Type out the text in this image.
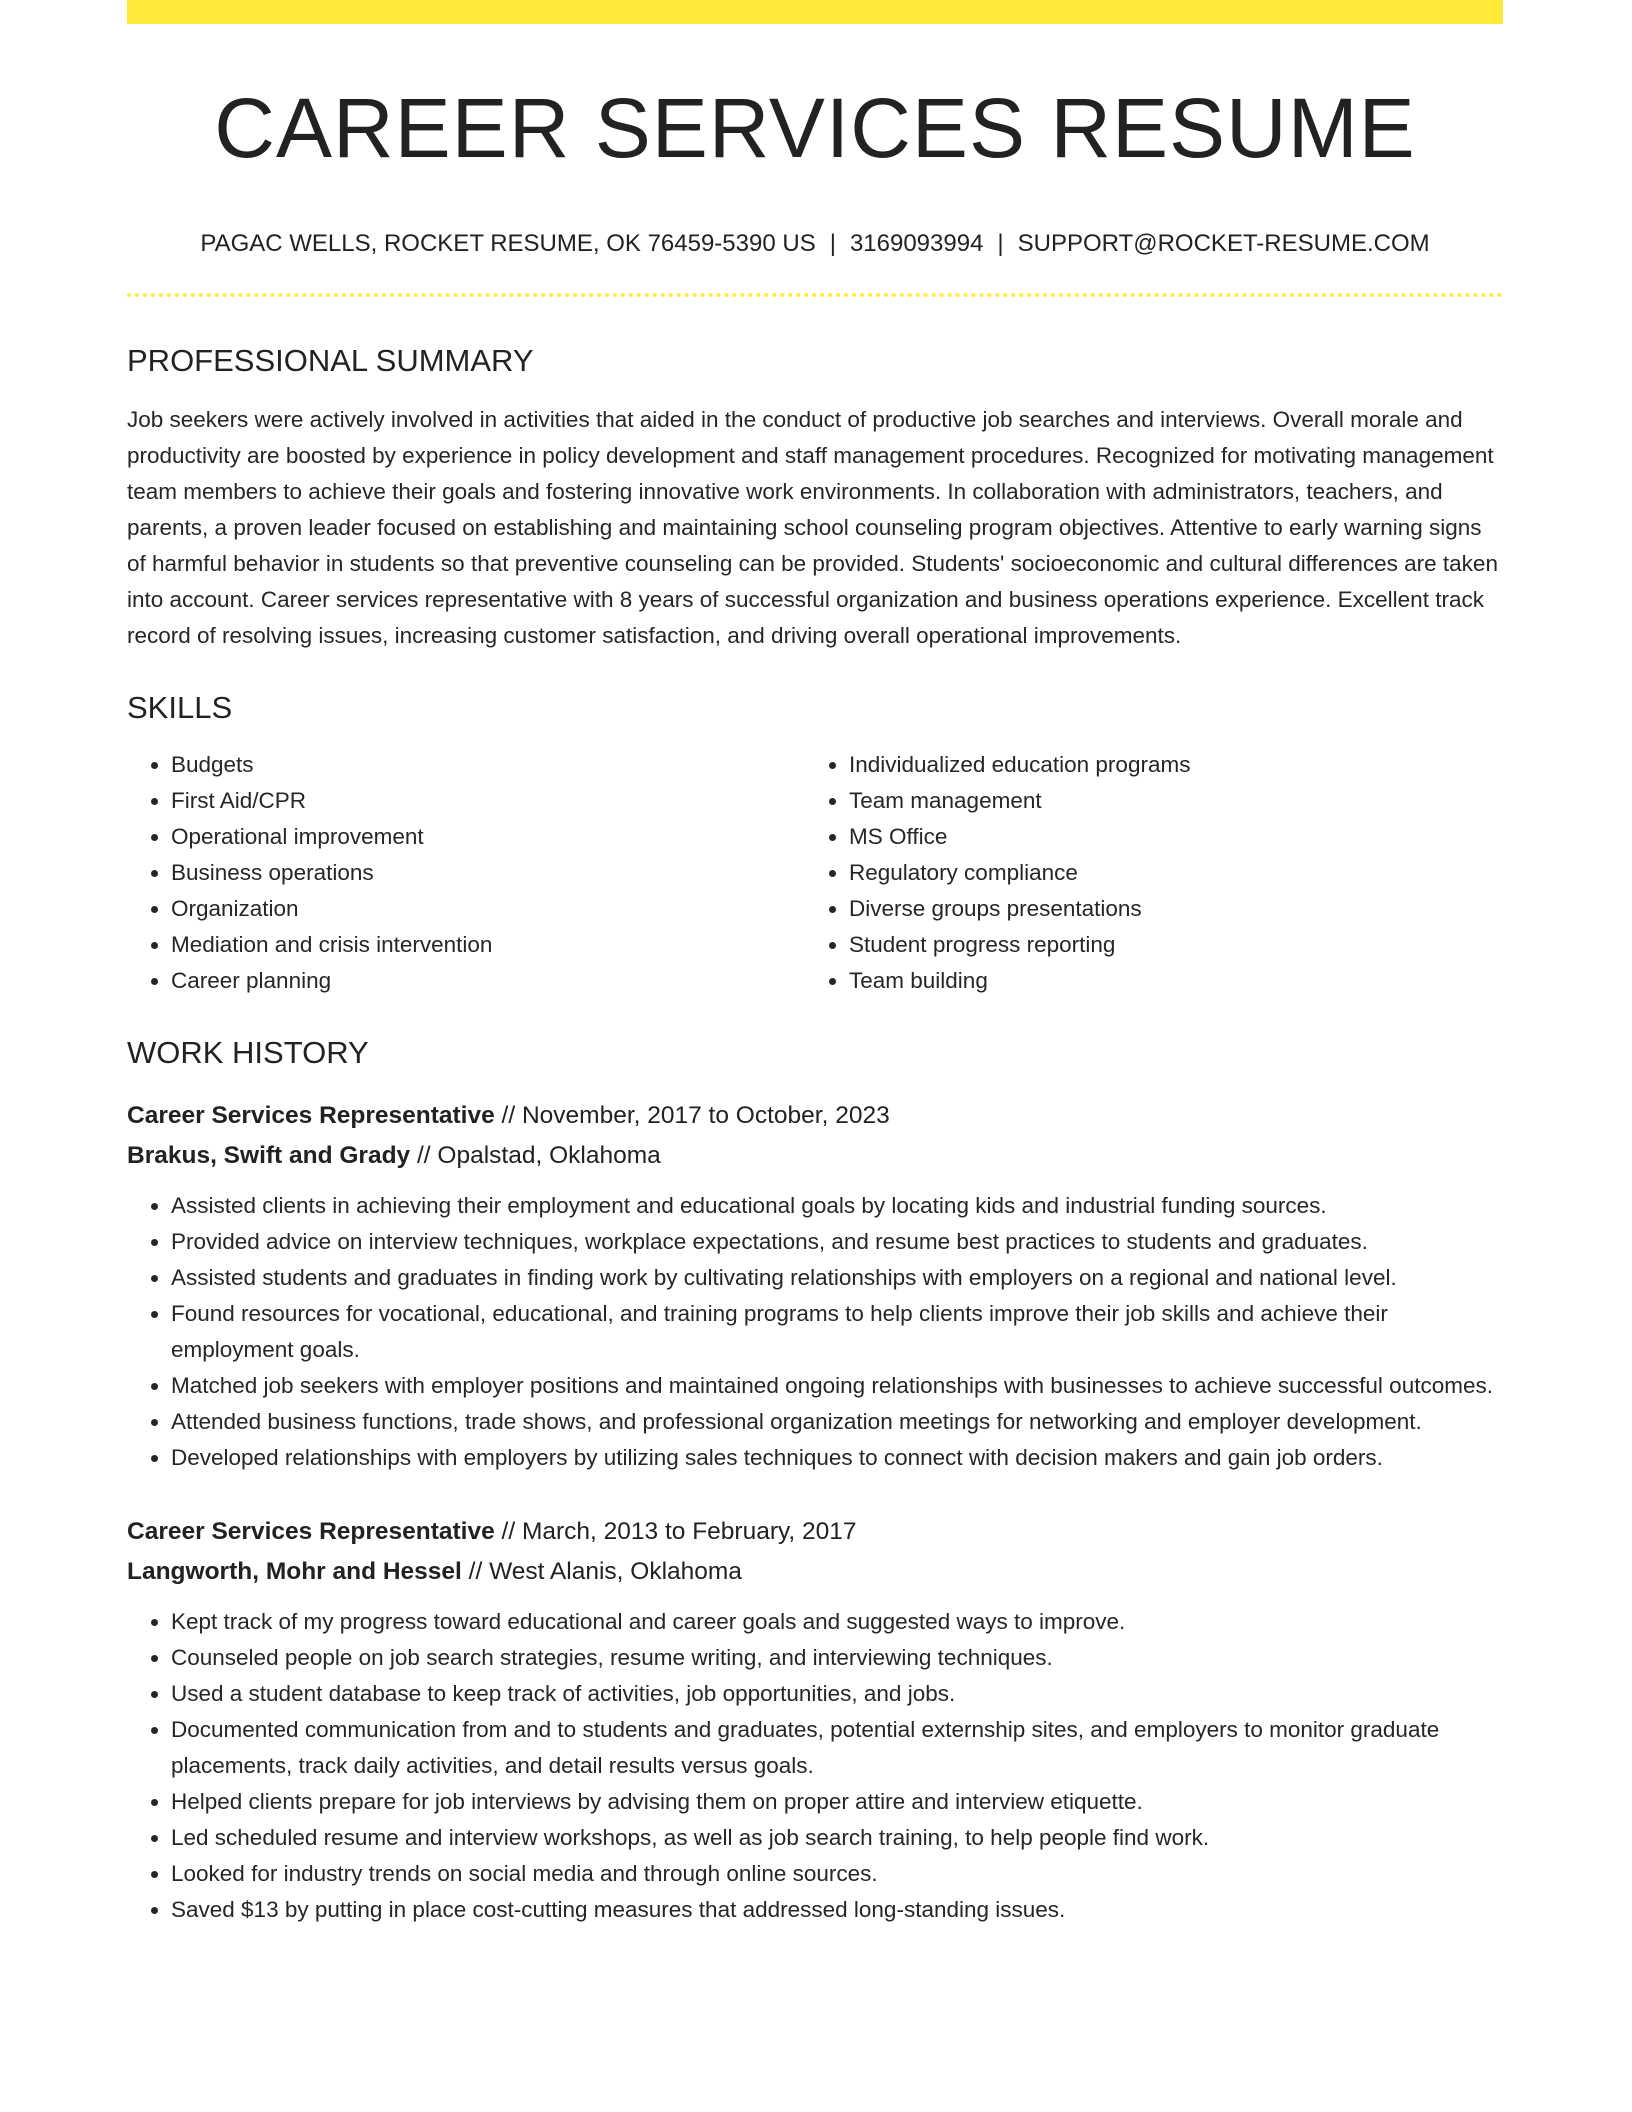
CAREER SERVICES RESUME
PAGAC WELLS, ROCKET RESUME, OK 76459-5390 US | 3169093994 | SUPPORT@ROCKET-RESUME.COM
PROFESSIONAL SUMMARY

Job seekers were actively involved in activities that aided in the conduct of productive job searches and interviews. Overall morale and productivity are boosted by experience in policy development and staff management procedures. Recognized for motivating management team members to achieve their goals and fostering innovative work environments. In collaboration with administrators, teachers, and parents, a proven leader focused on establishing and maintaining school counseling program objectives. Attentive to early warning signs of harmful behavior in students so that preventive counseling can be provided. Students' socioeconomic and cultural differences are taken into account. Career services representative with 8 years of successful organization and business operations experience. Excellent track record of resolving issues, increasing customer satisfaction, and driving overall operational improvements.

SKILLS
• Budgets
• First Aid/CPR
• Operational improvement
• Business operations
• Organization
• Mediation and crisis intervention
• Career planning
• Individualized education programs
• Team management
• MS Office
• Regulatory compliance
• Diverse groups presentations
• Student progress reporting
• Team building
WORK HISTORY
Career Services Representative // November, 2017 to October, 2023
Brakus, Swift and Grady // Opalstad, Oklahoma
• Assisted clients in achieving their employment and educational goals by locating kids and industrial funding sources.
• Provided advice on interview techniques, workplace expectations, and resume best practices to students and graduates.
• Assisted students and graduates in finding work by cultivating relationships with employers on a regional and national level.
• Found resources for vocational, educational, and training programs to help clients improve their job skills and achieve their employment goals.
• Matched job seekers with employer positions and maintained ongoing relationships with businesses to achieve successful outcomes.
• Attended business functions, trade shows, and professional organization meetings for networking and employer development.
• Developed relationships with employers by utilizing sales techniques to connect with decision makers and gain job orders.
Career Services Representative // March, 2013 to February, 2017
Langworth, Mohr and Hessel // West Alanis, Oklahoma
• Kept track of my progress toward educational and career goals and suggested ways to improve.
• Counseled people on job search strategies, resume writing, and interviewing techniques.
• Used a student database to keep track of activities, job opportunities, and jobs.
• Documented communication from and to students and graduates, potential externship sites, and employers to monitor graduate placements, track daily activities, and detail results versus goals.
• Helped clients prepare for job interviews by advising them on proper attire and interview etiquette.
• Led scheduled resume and interview workshops, as well as job search training, to help people find work.
• Looked for industry trends on social media and through online sources.
• Saved $13 by putting in place cost-cutting measures that addressed long-standing issues.
